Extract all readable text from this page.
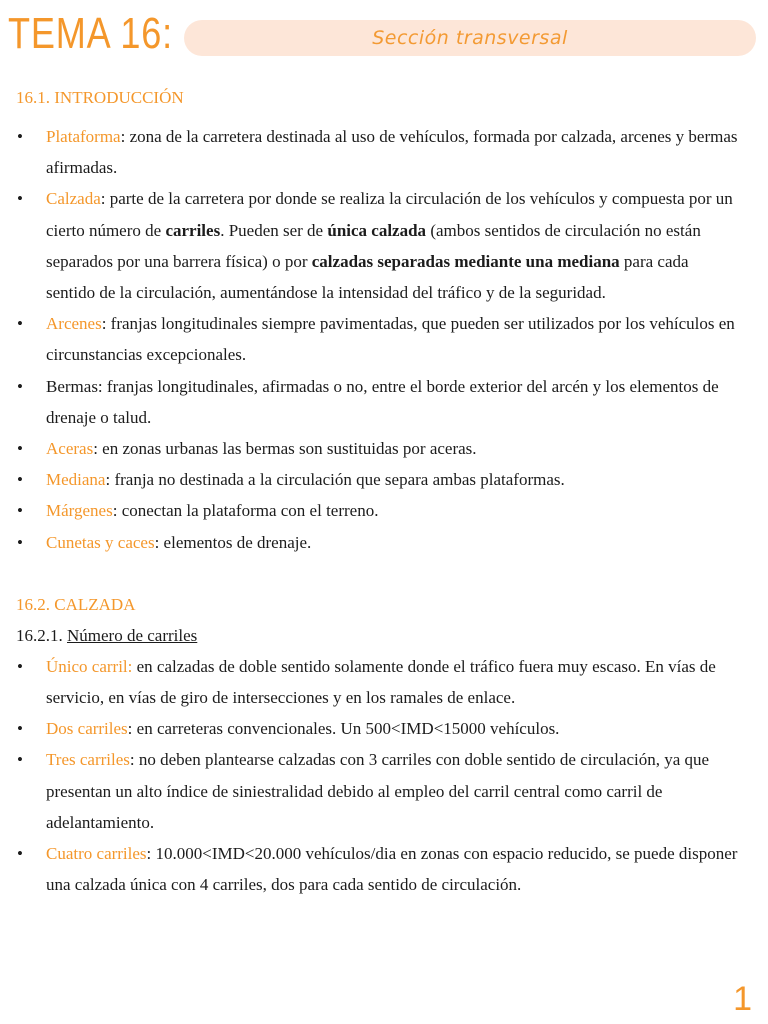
TEMA 16:	Sección transversal
16.1. INTRODUCCIÓN
• Plataforma: zona de la carretera destinada al uso de vehículos, formada por calzada, arcenes y bermas afirmadas.
• Calzada: parte de la carretera por donde se realiza la circulación de los vehículos y compuesta por un cierto número de carriles. Pueden ser de única calzada (ambos sentidos de circulación no están separados por una barrera física) o por calzadas separadas mediante una mediana para cada sentido de la circulación, aumentándose la intensidad del tráfico y de la seguridad.
• Arcenes: franjas longitudinales siempre pavimentadas, que pueden ser utilizados por los vehículos en circunstancias excepcionales.
• Bermas: franjas longitudinales, afirmadas o no, entre el borde exterior del arcén y los elementos de drenaje o talud.
• Aceras: en zonas urbanas las bermas son sustituidas por aceras.
• Mediana: franja no destinada a la circulación que separa ambas plataformas.
• Márgenes: conectan la plataforma con el terreno.
• Cunetas y caces: elementos de drenaje.
16.2. CALZADA
16.2.1. Número de carriles
• Único carril: en calzadas de doble sentido solamente donde el tráfico fuera muy escaso. En vías de servicio, en vías de giro de intersecciones y en los ramales de enlace.
• Dos carriles: en carreteras convencionales. Un 500<IMD<15000 vehículos.
• Tres carriles: no deben plantearse calzadas con 3 carriles con doble sentido de circulación, ya que presentan un alto índice de siniestralidad debido al empleo del carril central como carril de adelantamiento.
• Cuatro carriles: 10.000<IMD<20.000 vehículos/dia en zonas con espacio reducido, se puede disponer una calzada única con 4 carriles, dos para cada sentido de circulación.
1
